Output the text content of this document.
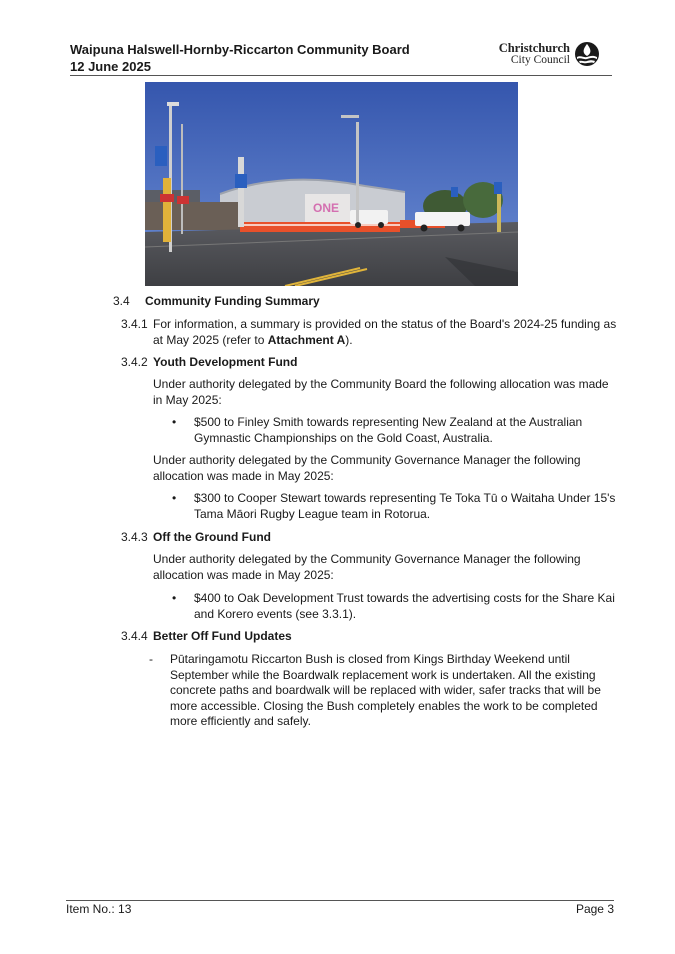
Waipuna Halswell-Hornby-Riccarton Community Board
12 June 2025
Christchurch
City Council
ONE
3.4 Community Funding Summary
3.4.1 For information, a summary is provided on the status of the Board's 2024-25 funding as
at May 2025 (refer to Attachment A).
3.4.2 Youth Development Fund
Under authority delegated by the Community Board the following allocation was made
in May 2025:
• $500 to Finley Smith towards representing New Zealand at the Australian
Gymnastic Championships on the Gold Coast, Australia.
Under authority delegated by the Community Governance Manager the following
allocation was made in May 2025:
• $300 to Cooper Stewart towards representing Te Toka Tū o Waitaha Under 15's
Tama Māori Rugby League team in Rotorua.
3.4.3 Off the Ground Fund
Under authority delegated by the Community Governance Manager the following
allocation was made in May 2025:
• $400 to Oak Development Trust towards the advertising costs for the Share Kai
and Korero events (see 3.3.1).
3.4.4 Better Off Fund Updates
- Pūtaringamotu Riccarton Bush is closed from Kings Birthday Weekend until
September while the Boardwalk replacement work is undertaken. All the existing
concrete paths and boardwalk will be replaced with wider, safer tracks that will be
more accessible. Closing the Bush completely enables the work to be completed
more efficiently and safely.
Item No.: 13	Page 3
